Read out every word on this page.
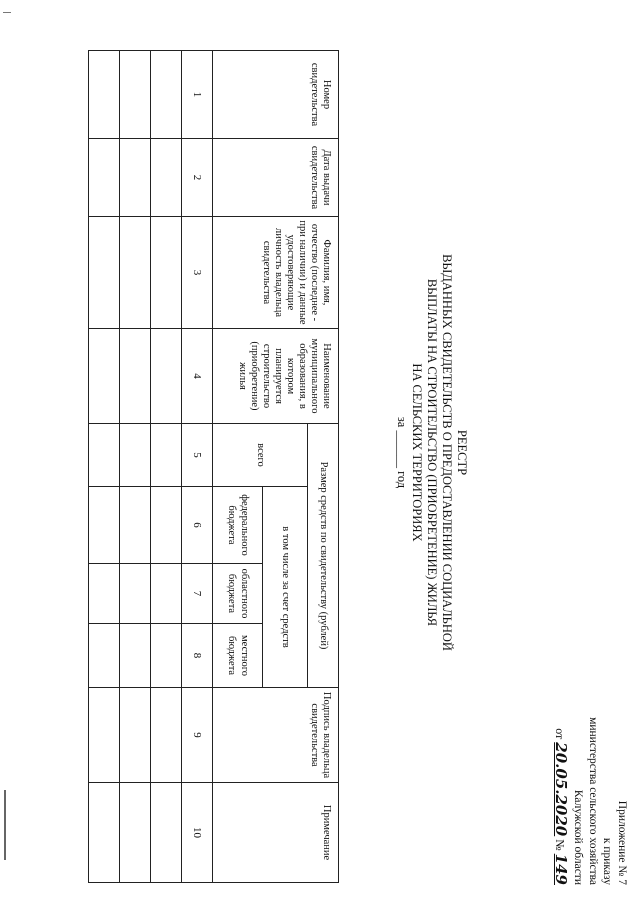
Приложение № 7
к приказу
министерства сельского хозяйства
Калужской области
от 20.05.2020 № 149
РЕЕСТР
ВЫДАННЫХ СВИДЕТЕЛЬСТВ О ПРЕДОСТАВЛЕНИИ СОЦИАЛЬНОЙ
ВЫПЛАТЫ НА СТРОИТЕЛЬСТВО (ПРИОБРЕТЕНИЕ) ЖИЛЬЯ
НА СЕЛЬСКИХ ТЕРРИТОРИЯХ
за ______ год
Номер свидетельства	Дата выдачи свидетельства	Фамилия, имя, отчество (последнее - при наличии) и данные удостоверяющие личность владельца свидетельства	Наименование муниципального образования, в котором планируется строительство (приобретение) жилья	Размер средств по свидетельству (рублей)				Подпись владельца свидетельства	Примечание
				всего	в том числе за счет средств				
					федерального бюджета	областного бюджета	местного бюджета		
1	2	3	4	5	6	7	8	9	10
